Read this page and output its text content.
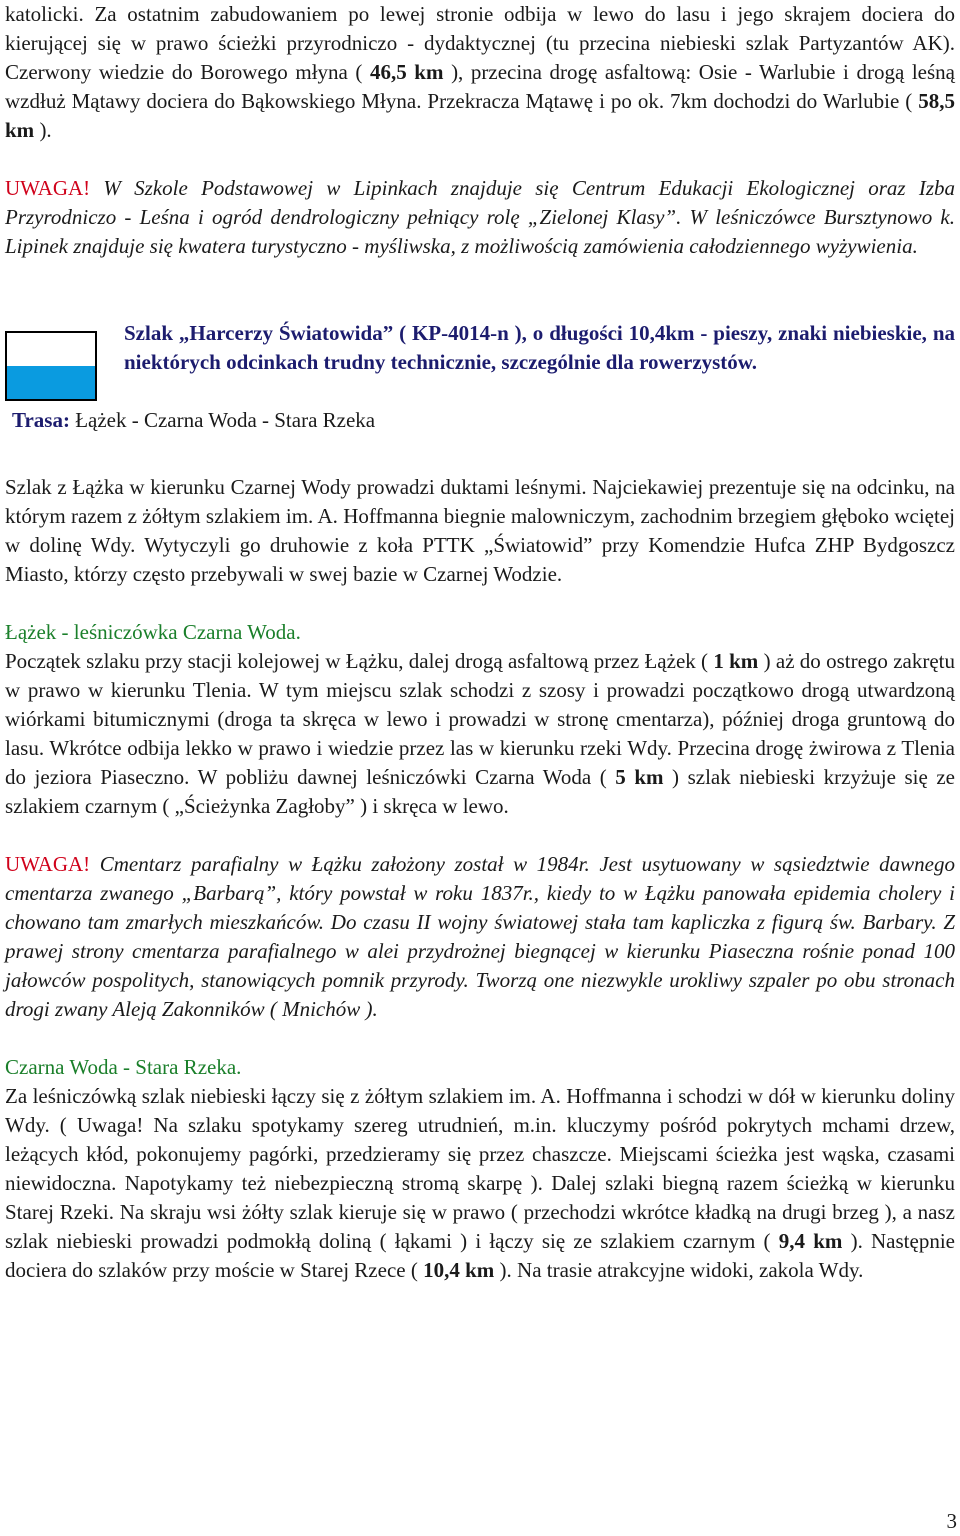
katolicki. Za ostatnim zabudowaniem po lewej stronie odbija w lewo do lasu i jego skrajem dociera do kierującej się w prawo ścieżki przyrodniczo - dydaktycznej (tu przecina niebieski szlak Partyzantów AK). Czerwony wiedzie do Borowego młyna ( 46,5 km ), przecina drogę asfaltową: Osie - Warlubie i drogą leśną wzdłuż Mątawy dociera do Bąkowskiego Młyna. Przekracza Mątawę i po ok. 7km dochodzi do Warlubie ( 58,5 km ).

UWAGA! W Szkole Podstawowej w Lipinkach znajduje się Centrum Edukacji Ekologicznej oraz Izba Przyrodniczo - Leśna i ogród dendrologiczny pełniący rolę „Zielonej Klasy”. W leśniczówce Bursztynowo k. Lipinek znajduje się kwatera turystyczno - myśliwska, z możliwością zamówienia całodziennego wyżywienia.

Szlak „Harcerzy Światowida” ( KP-4014-n ), o długości 10,4km - pieszy, znaki niebieskie, na niektórych odcinkach trudny technicznie, szczególnie dla rowerzystów.
Trasa: Łążek - Czarna Woda - Stara Rzeka

Szlak z Łążka w kierunku Czarnej Wody prowadzi duktami leśnymi. Najciekawiej prezentuje się na odcinku, na którym razem z żółtym szlakiem im. A. Hoffmanna biegnie malowniczym, zachodnim brzegiem głęboko wciętej w dolinę Wdy. Wytyczyli go druhowie z koła PTTK „Światowid” przy Komendzie Hufca ZHP Bydgoszcz Miasto, którzy często przebywali w swej bazie w Czarnej Wodzie.

Łążek - leśniczówka Czarna Woda.
Początek szlaku przy stacji kolejowej w Łążku, dalej drogą asfaltową przez Łążek ( 1 km ) aż do ostrego zakrętu w prawo w kierunku Tlenia. W tym miejscu szlak schodzi z szosy i prowadzi początkowo drogą utwardzoną wiórkami bitumicznymi (droga ta skręca w lewo i prowadzi w stronę cmentarza), później droga gruntową do lasu. Wkrótce odbija lekko w prawo i wiedzie przez las w kierunku rzeki Wdy. Przecina drogę żwirowa z Tlenia do jeziora Piaseczno. W pobliżu dawnej leśniczówki Czarna Woda ( 5 km ) szlak niebieski krzyżuje się ze szlakiem czarnym ( „Ścieżynka Zagłoby” ) i skręca w lewo.

UWAGA! Cmentarz parafialny w Łążku założony został w 1984r. Jest usytuowany w sąsiedztwie dawnego cmentarza zwanego „Barbarą”, który powstał w roku 1837r., kiedy to w Łążku panowała epidemia cholery i chowano tam zmarłych mieszkańców. Do czasu II wojny światowej stała tam kapliczka z figurą św. Barbary. Z prawej strony cmentarza parafialnego w alei przydrożnej biegnącej w kierunku Piaseczna rośnie ponad 100 jałowców pospolitych, stanowiących pomnik przyrody. Tworzą one niezwykle urokliwy szpaler po obu stronach drogi zwany Aleją Zakonników ( Mnichów ).

Czarna Woda - Stara Rzeka.
Za leśniczówką szlak niebieski łączy się z żółtym szlakiem im. A. Hoffmanna i schodzi w dół w kierunku doliny Wdy. ( Uwaga! Na szlaku spotykamy szereg utrudnień, m.in. kluczymy pośród pokrytych mchami drzew, leżących kłód, pokonujemy pagórki, przedzieramy się przez chaszcze. Miejscami ścieżka jest wąska, czasami niewidoczna. Napotykamy też niebezpieczną stromą skarpę ). Dalej szlaki biegną razem ścieżką w kierunku Starej Rzeki. Na skraju wsi żółty szlak kieruje się w prawo ( przechodzi wkrótce kładką na drugi brzeg ), a nasz szlak niebieski prowadzi podmokłą doliną ( łąkami ) i łączy się ze szlakiem czarnym ( 9,4 km ). Następnie dociera do szlaków przy moście w Starej Rzece ( 10,4 km ). Na trasie atrakcyjne widoki, zakola Wdy.

3
